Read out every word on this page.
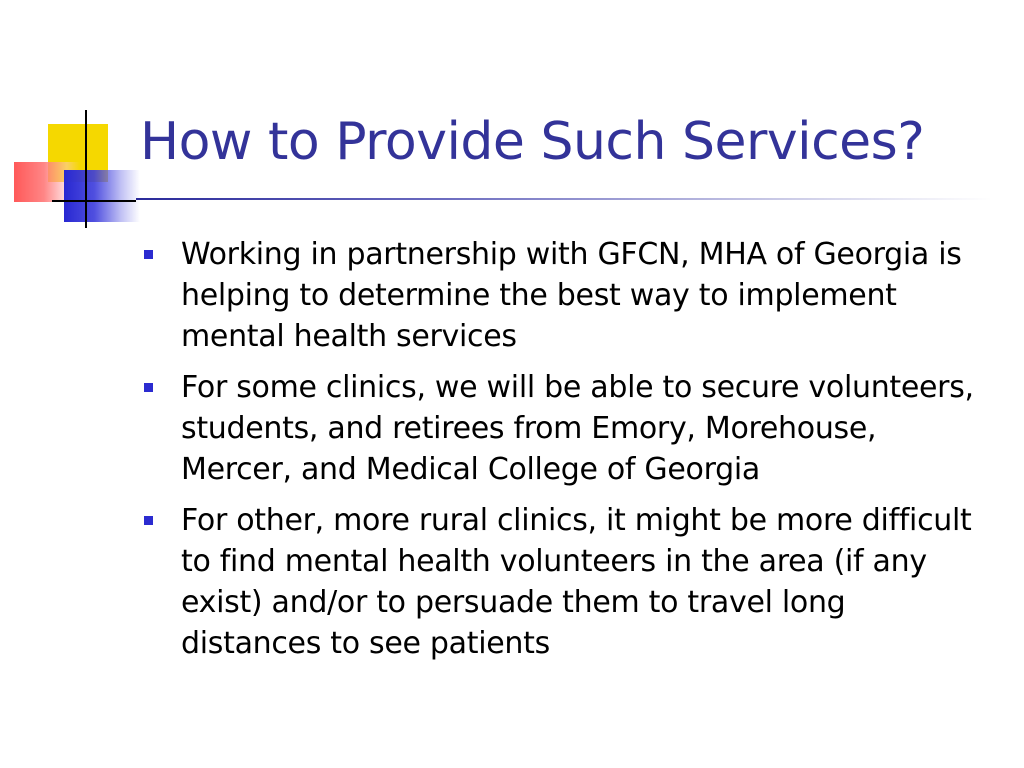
How to Provide Such Services?
Working in partnership with GFCN, MHA of Georgia is helping to determine the best way to implement mental health services
For some clinics, we will be able to secure volunteers, students, and retirees from Emory, Morehouse, Mercer, and Medical College of Georgia
For other, more rural clinics, it might be more difficult to find mental health volunteers in the area (if any exist) and/or to persuade them to travel long distances to see patients
